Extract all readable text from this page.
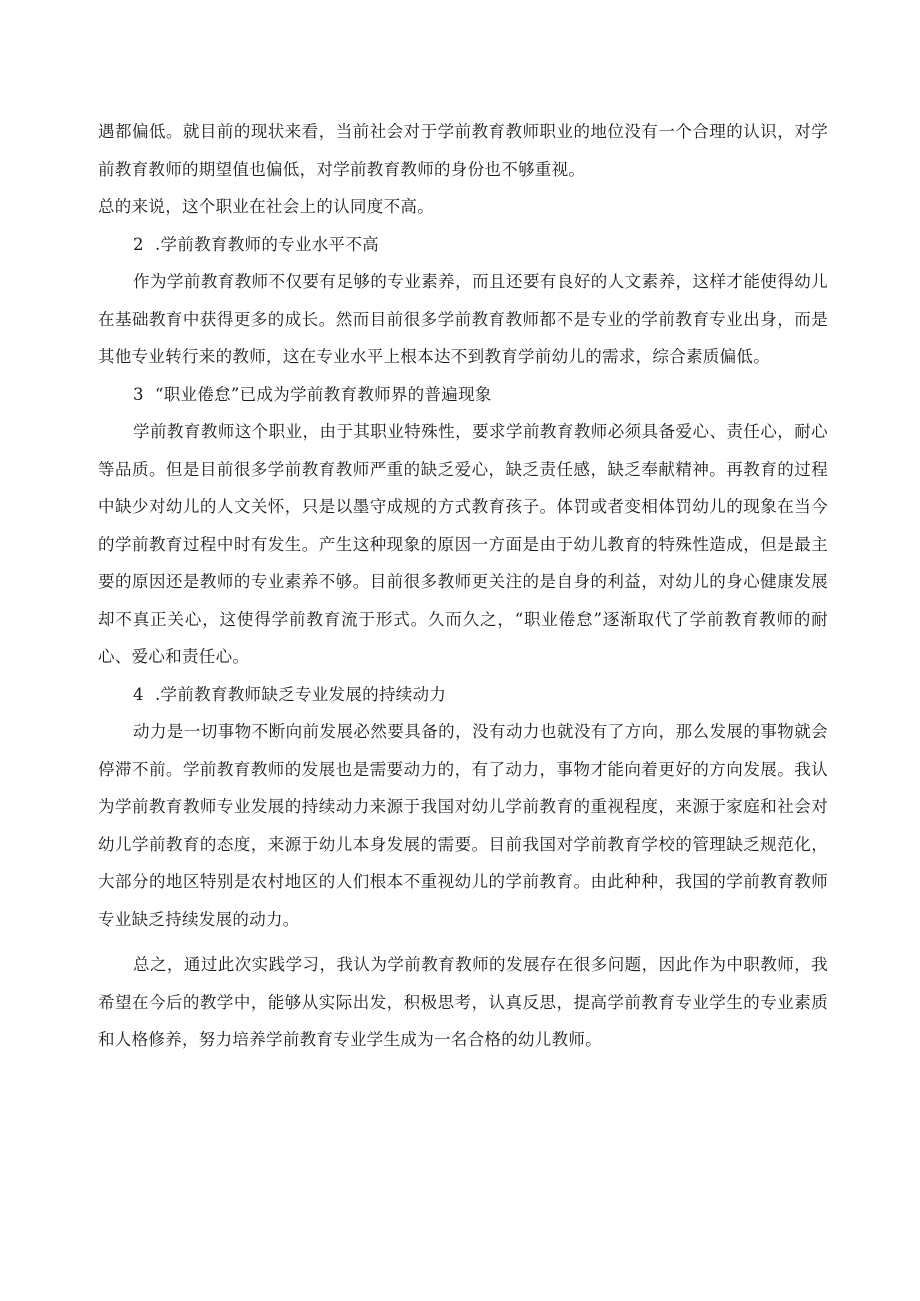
遇都偏低。就目前的现状来看，当前社会对于学前教育教师职业的地位没有一个合理的认识，对学前教育教师的期望值也偏低，对学前教育教师的身份也不够重视。

总的来说，这个职业在社会上的认同度不高。

2 .学前教育教师的专业水平不高

作为学前教育教师不仅要有足够的专业素养，而且还要有良好的人文素养，这样才能使得幼儿在基础教育中获得更多的成长。然而目前很多学前教育教师都不是专业的学前教育专业出身，而是其他专业转行来的教师，这在专业水平上根本达不到教育学前幼儿的需求，综合素质偏低。

3 “职业倦怠”已成为学前教育教师界的普遍现象

学前教育教师这个职业，由于其职业特殊性，要求学前教育教师必须具备爱心、责任心，耐心等品质。但是目前很多学前教育教师严重的缺乏爱心，缺乏责任感，缺乏奉献精神。再教育的过程中缺少对幼儿的人文关怀，只是以墨守成规的方式教育孩子。体罚或者变相体罚幼儿的现象在当今的学前教育过程中时有发生。产生这种现象的原因一方面是由于幼儿教育的特殊性造成，但是最主要的原因还是教师的专业素养不够。目前很多教师更关注的是自身的利益，对幼儿的身心健康发展却不真正关心，这使得学前教育流于形式。久而久之，“职业倦怠”逐渐取代了学前教育教师的耐心、爱心和责任心。

4 .学前教育教师缺乏专业发展的持续动力

动力是一切事物不断向前发展必然要具备的，没有动力也就没有了方向，那么发展的事物就会停滞不前。学前教育教师的发展也是需要动力的，有了动力，事物才能向着更好的方向发展。我认为学前教育教师专业发展的持续动力来源于我国对幼儿学前教育的重视程度，来源于家庭和社会对幼儿学前教育的态度，来源于幼儿本身发展的需要。目前我国对学前教育学校的管理缺乏规范化，大部分的地区特别是农村地区的人们根本不重视幼儿的学前教育。由此种种，我国的学前教育教师专业缺乏持续发展的动力。

总之，通过此次实践学习，我认为学前教育教师的发展存在很多问题，因此作为中职教师，我希望在今后的教学中，能够从实际出发，积极思考，认真反思，提高学前教育专业学生的专业素质和人格修养，努力培养学前教育专业学生成为一名合格的幼儿教师。
